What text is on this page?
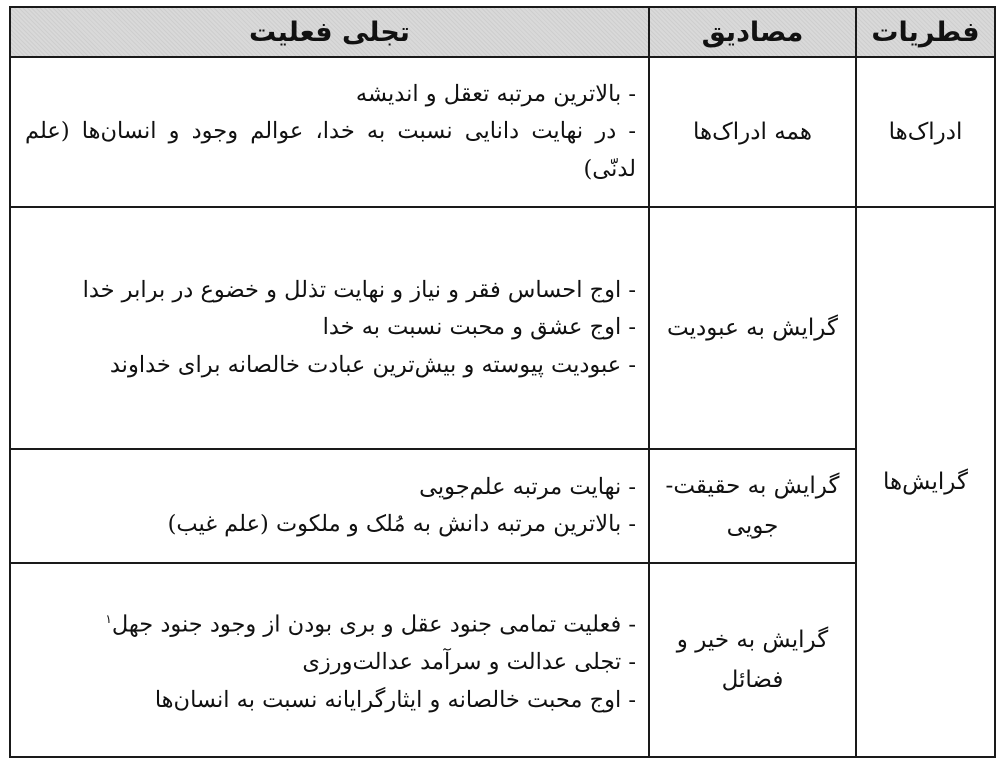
فطریات	مصادیق	تجلی فعلیت
ادراک‌ها	همه ادراک‌ها	- بالاترین مرتبه تعقل و اندیشه
- در نهایت دانایی نسبت به خدا، عوالم وجود و انسان‌ها (علم لدنّی)

گرایش‌ها	گرایش به عبودیت	- اوج احساس فقر و نیاز و نهایت تذلل و خضوع در برابر خدا
- اوج عشق و محبت نسبت به خدا
- عبودیت پیوسته و بیش‌ترین عبادت خالصانه برای خداوند

	گرایش به حقیقت‌-جویی	- نهایت مرتبه علم‌جویی
- بالاترین مرتبه دانش به مُلک و ملکوت (علم غیب)

	گرایش به خیر و فضائل	- فعلیت تمامی جنود عقل و بری بودن از وجود جنود جهل$^۱$
- تجلی عدالت و سرآمد عدالت‌ورزی
- اوج محبت خالصانه و ایثارگرایانه نسبت به انسان‌ها
